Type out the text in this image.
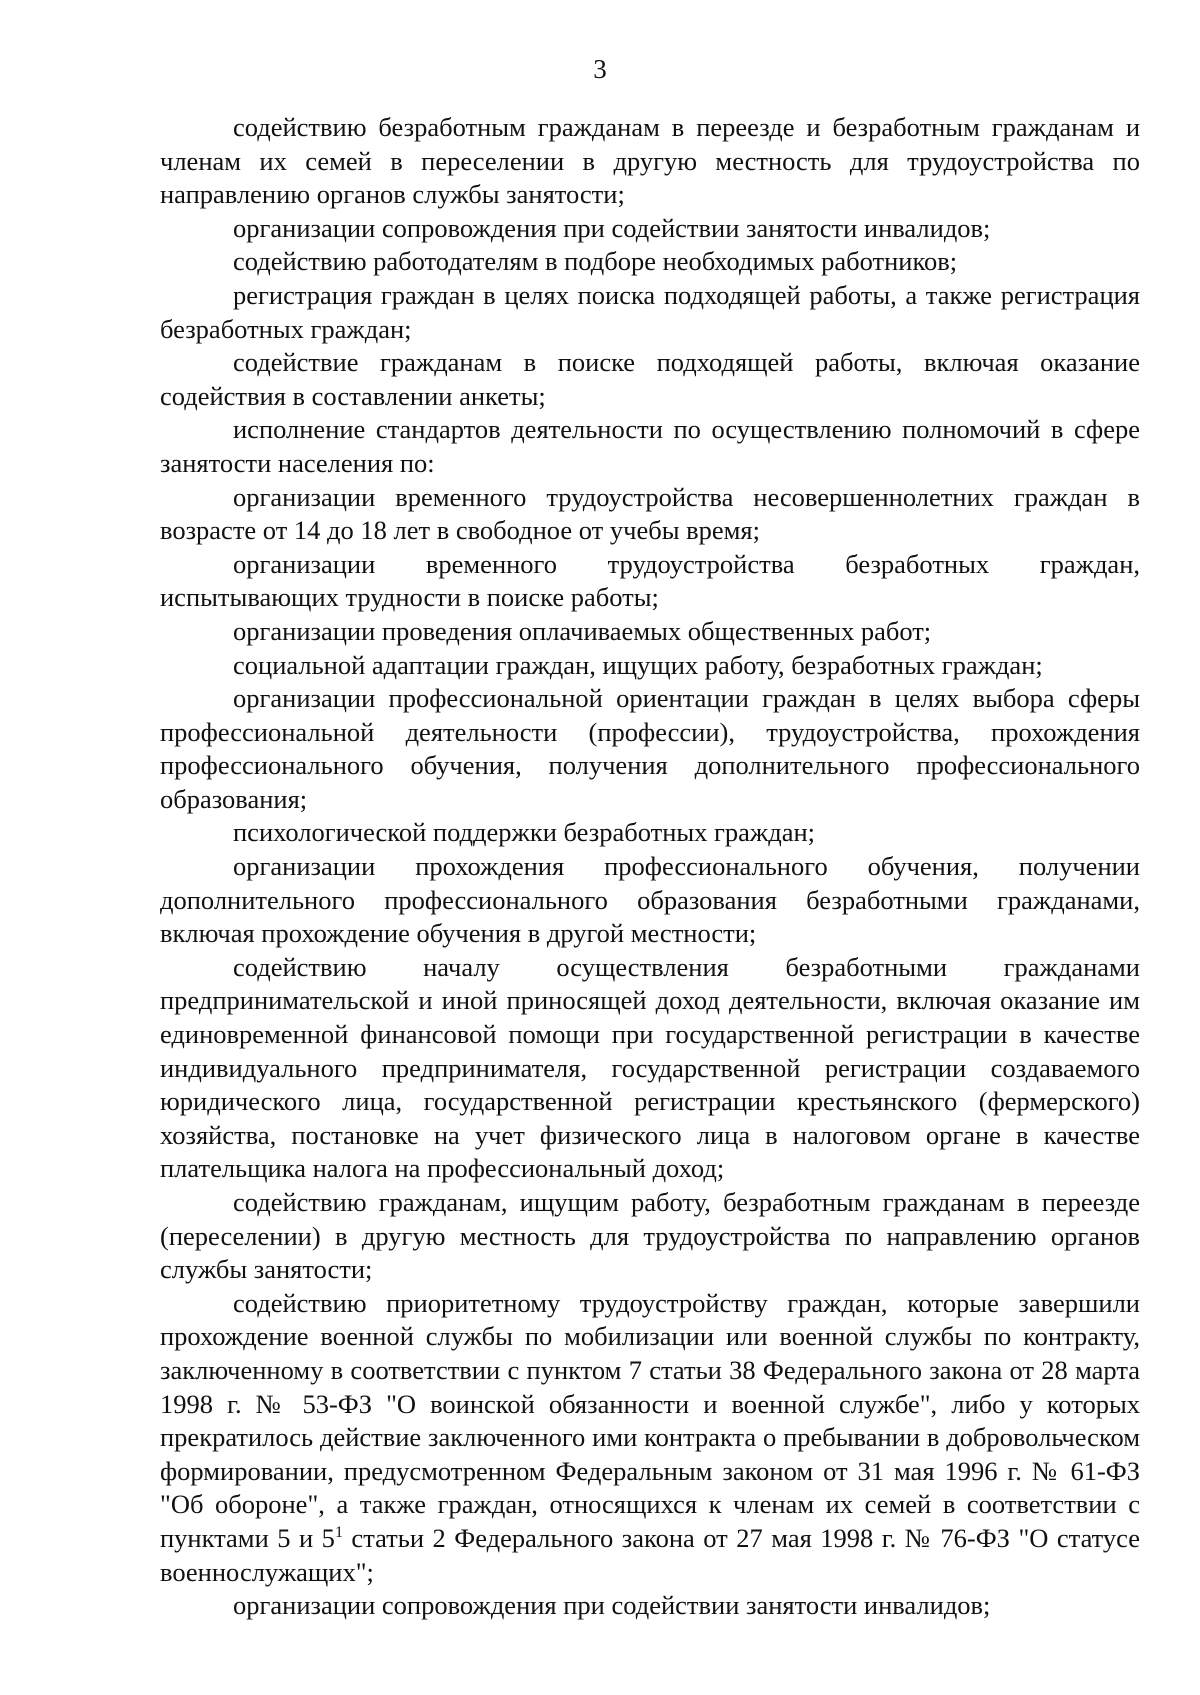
3

содействию безработным гражданам в переезде и безработным гражданам и членам их семей в переселении в другую местность для трудоустройства по направлению органов службы занятости;

организации сопровождения при содействии занятости инвалидов;

содействию работодателям в подборе необходимых работников;

регистрация граждан в целях поиска подходящей работы, а также регистрация безработных граждан;

содействие гражданам в поиске подходящей работы, включая оказание содействия в составлении анкеты;

исполнение стандартов деятельности по осуществлению полномочий в сфере занятости населения по:

организации временного трудоустройства несовершеннолетних граждан в возрасте от 14 до 18 лет в свободное от учебы время;

организации временного трудоустройства безработных граждан, испытывающих трудности в поиске работы;

организации проведения оплачиваемых общественных работ;

социальной адаптации граждан, ищущих работу, безработных граждан;

организации профессиональной ориентации граждан в целях выбора сферы профессиональной деятельности (профессии), трудоустройства, прохождения профессионального обучения, получения дополнительного профессионального образования;

психологической поддержки безработных граждан;

организации прохождения профессионального обучения, получении дополнительного профессионального образования безработными гражданами, включая прохождение обучения в другой местности;

содействию началу осуществления безработными гражданами предпринимательской и иной приносящей доход деятельности, включая оказание им единовременной финансовой помощи при государственной регистрации в качестве индивидуального предпринимателя, государственной регистрации создаваемого юридического лица, государственной регистрации крестьянского (фермерского) хозяйства, постановке на учет физического лица в налоговом органе в качестве плательщика налога на профессиональный доход;

содействию гражданам, ищущим работу, безработным гражданам в переезде (переселении) в другую местность для трудоустройства по направлению органов службы занятости;

содействию приоритетному трудоустройству граждан, которые завершили прохождение военной службы по мобилизации или военной службы по контракту, заключенному в соответствии с пунктом 7 статьи 38 Федерального закона от 28 марта 1998 г. № 53-ФЗ "О воинской обязанности и военной службе", либо у которых прекратилось действие заключенного ими контракта о пребывании в добровольческом формировании, предусмотренном Федеральным законом от 31 мая 1996 г. № 61-ФЗ "Об обороне", а также граждан, относящихся к членам их семей в соответствии с пунктами 5 и $5^1$ статьи 2 Федерального закона от 27 мая 1998 г. № 76-ФЗ "О статусе военнослужащих";

организации сопровождения при содействии занятости инвалидов;
